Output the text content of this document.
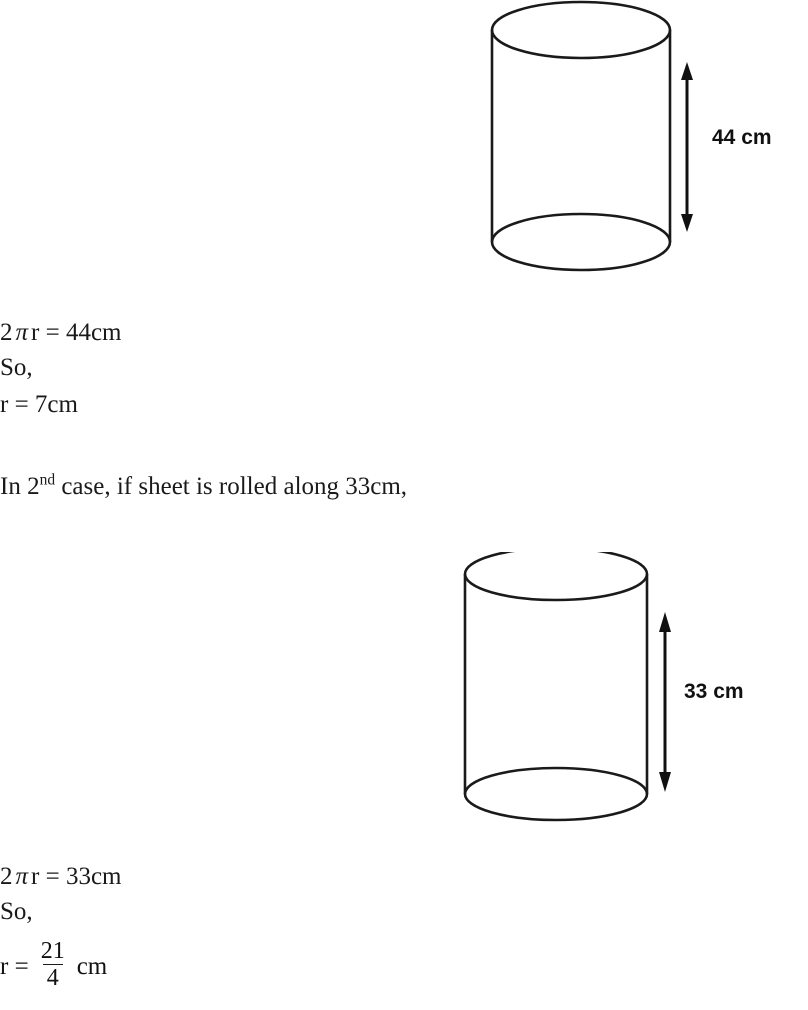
44 cm
2 π r = 44cm
So,
r = 7cm
In 2nd case, if sheet is rolled along 33cm,
33 cm
2 π r = 33cm
So,
$r = \frac{21}{4}$ cm
